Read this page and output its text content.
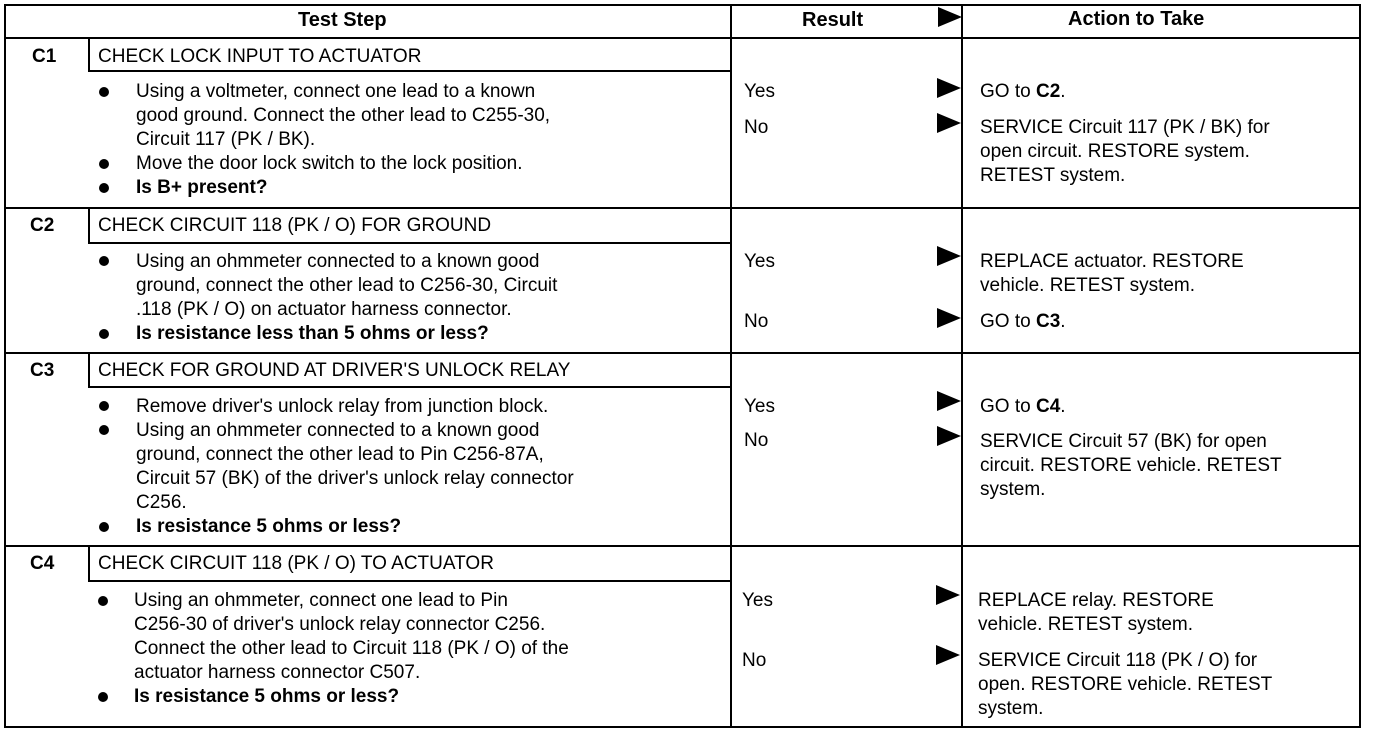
Test Step	Result	Action to Take
C1 CHECK LOCK INPUT TO ACTUATOR
Using a voltmeter, connect one lead to a known
good ground. Connect the other lead to C255-30,
Circuit 117 (PK / BK).
Move the door lock switch to the lock position.
Is B+ present?
Yes	GO to C2.
No	SERVICE Circuit 117 (PK / BK) for
open circuit. RESTORE system.
RETEST system.
C2 CHECK CIRCUIT 118 (PK / O) FOR GROUND
Using an ohmmeter connected to a known good
ground, connect the other lead to C256-30, Circuit
.118 (PK / O) on actuator harness connector.
Is resistance less than 5 ohms or less?
Yes	REPLACE actuator. RESTORE
vehicle. RETEST system.
No	GO to C3.
C3 CHECK FOR GROUND AT DRIVER'S UNLOCK RELAY
Remove driver's unlock relay from junction block.
Using an ohmmeter connected to a known good
ground, connect the other lead to Pin C256-87A,
Circuit 57 (BK) of the driver's unlock relay connector
C256.
Is resistance 5 ohms or less?
Yes	GO to C4.
No	SERVICE Circuit 57 (BK) for open
circuit. RESTORE vehicle. RETEST
system.
C4 CHECK CIRCUIT 118 (PK / O) TO ACTUATOR
Using an ohmmeter, connect one lead to Pin
C256-30 of driver's unlock relay connector C256.
Connect the other lead to Circuit 118 (PK / O) of the
actuator harness connector C507.
Is resistance 5 ohms or less?
Yes	REPLACE relay. RESTORE
vehicle. RETEST system.
No	SERVICE Circuit 118 (PK / O) for
open. RESTORE vehicle. RETEST
system.
